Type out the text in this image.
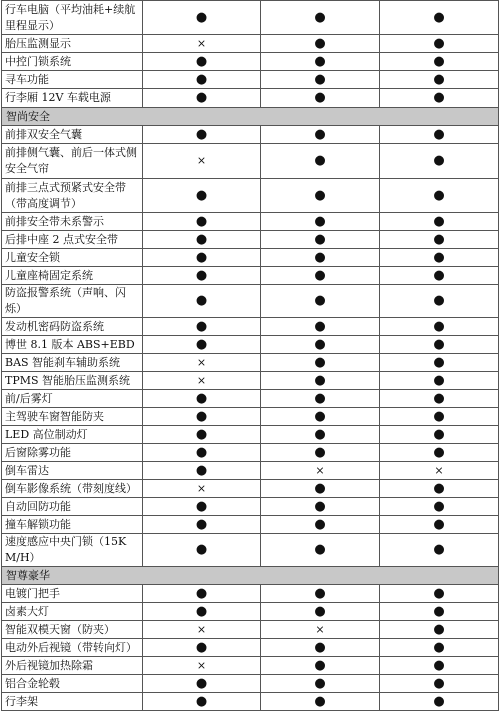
行车电脑（平均油耗+续航里程显示）	●	●	●
胎压监测显示	×	●	●
中控门锁系统	●	●	●
寻车功能	●	●	●
行李厢 12V 车载电源	●	●	●
智尚安全			
前排双安全气囊	●	●	●
前排侧气囊、前后一体式侧安全气帘	×	●	●
前排三点式预紧式安全带（带高度调节）	●	●	●
前排安全带未系警示	●	●	●
后排中座 2 点式安全带	●	●	●
儿童安全锁	●	●	●
儿童座椅固定系统	●	●	●
防盗报警系统（声响、闪烁）	●	●	●
发动机密码防盗系统	●	●	●
博世 8.1 版本 ABS+EBD	●	●	●
BAS 智能刹车辅助系统	×	●	●
TPMS 智能胎压监测系统	×	●	●
前/后雾灯	●	●	●
主驾驶车窗智能防夹	●	●	●
LED 高位制动灯	●	●	●
后窗除雾功能	●	●	●
倒车雷达	●	×	×
倒车影像系统（带刻度线）	×	●	●
自动回防功能	●	●	●
撞车解锁功能	●	●	●
速度感应中央门锁（15KM/H）	●	●	●
智尊豪华			
电镀门把手	●	●	●
卤素大灯	●	●	●
智能双模天窗（防夹）	×	×	●
电动外后视镜（带转向灯）	●	●	●
外后视镜加热除霜	×	●	●
铝合金轮毂	●	●	●
行李架	●	●	●
